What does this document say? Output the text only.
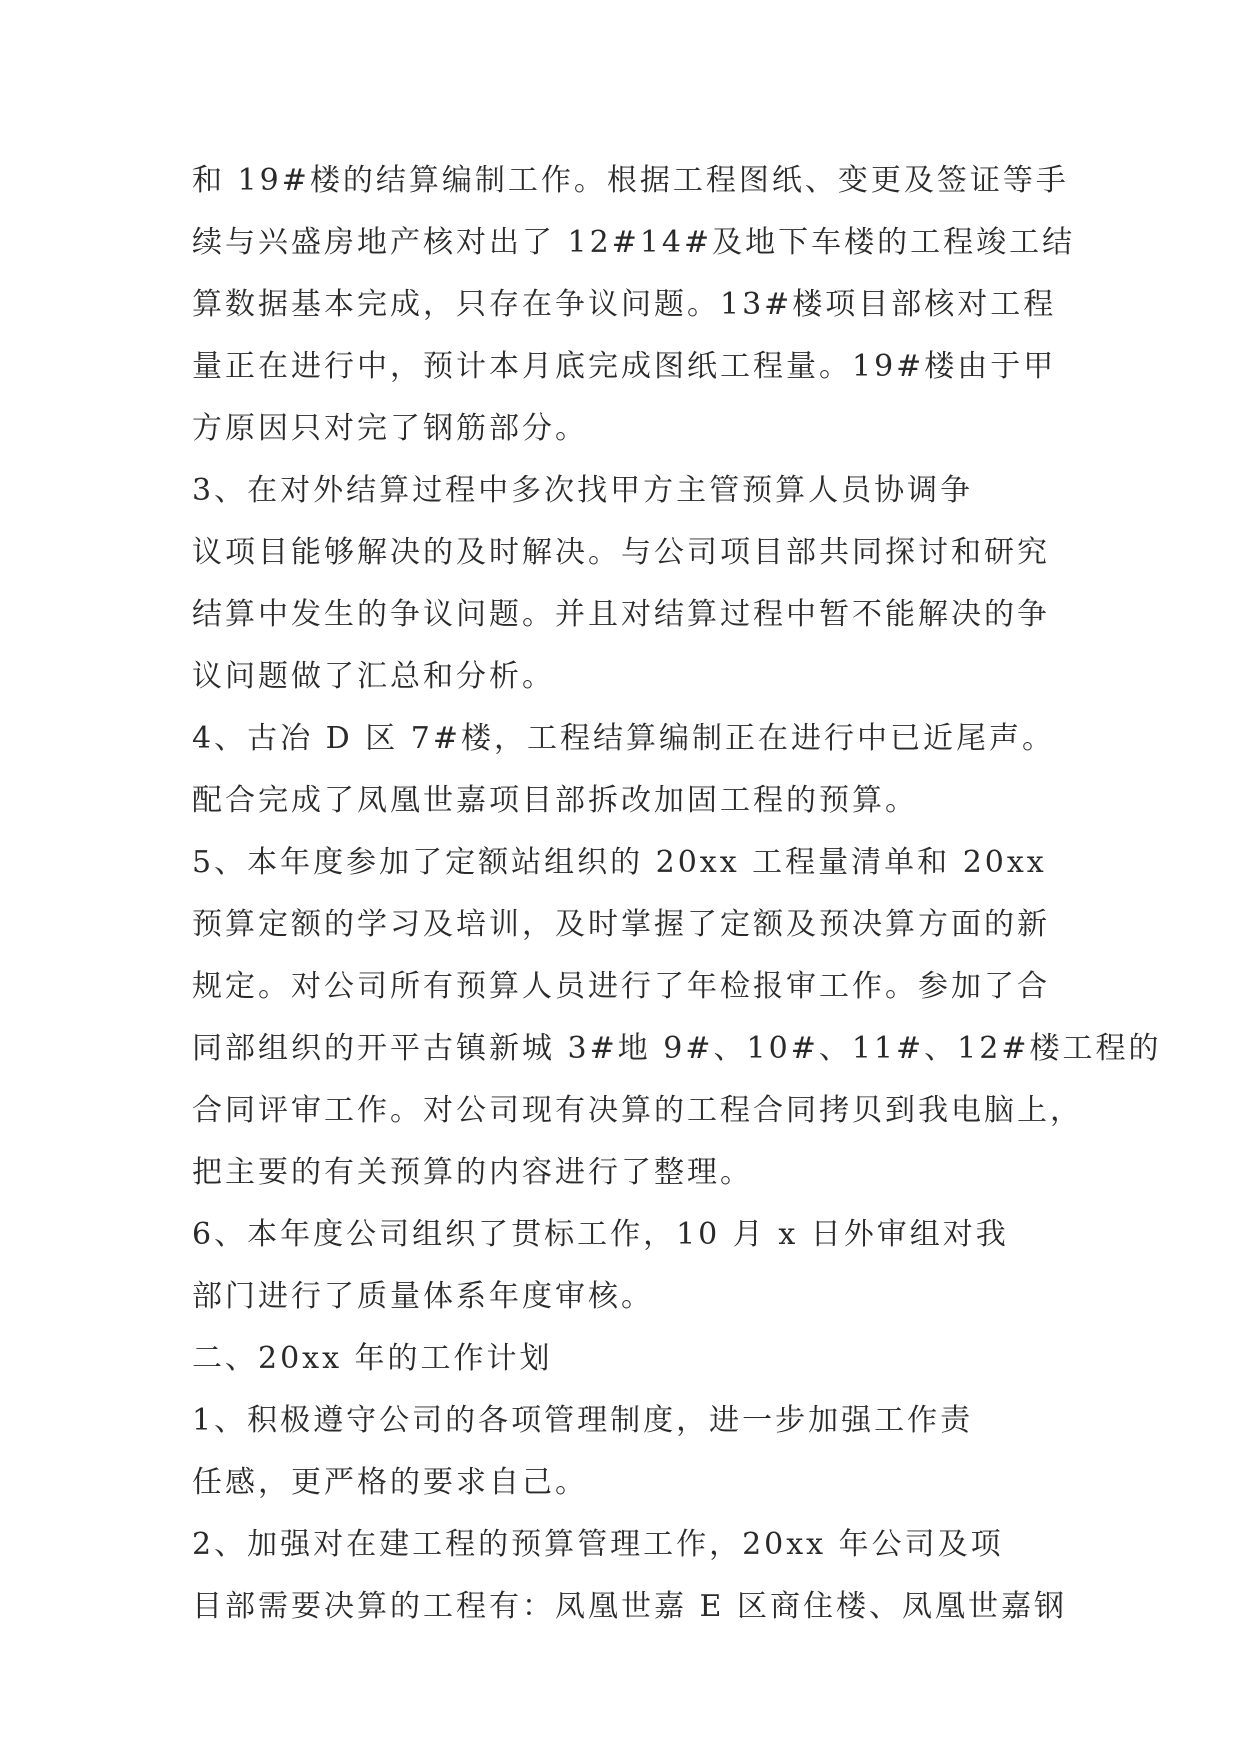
和 19#楼的结算编制工作。根据工程图纸、变更及签证等手

续与兴盛房地产核对出了 12#14#及地下车楼的工程竣工结

算数据基本完成，只存在争议问题。13#楼项目部核对工程

量正在进行中，预计本月底完成图纸工程量。19#楼由于甲

方原因只对完了钢筋部分。

3、在对外结算过程中多次找甲方主管预算人员协调争

议项目能够解决的及时解决。与公司项目部共同探讨和研究

结算中发生的争议问题。并且对结算过程中暂不能解决的争

议问题做了汇总和分析。

4、古冶 D 区 7#楼，工程结算编制正在进行中已近尾声。

配合完成了凤凰世嘉项目部拆改加固工程的预算。

5、本年度参加了定额站组织的 20xx 工程量清单和 20xx

预算定额的学习及培训，及时掌握了定额及预决算方面的新

规定。对公司所有预算人员进行了年检报审工作。参加了合

同部组织的开平古镇新城 3#地 9#、10#、11#、12#楼工程的

合同评审工作。对公司现有决算的工程合同拷贝到我电脑上，

把主要的有关预算的内容进行了整理。

6、本年度公司组织了贯标工作，10 月 x 日外审组对我

部门进行了质量体系年度审核。

二、20xx 年的工作计划

1、积极遵守公司的各项管理制度，进一步加强工作责

任感，更严格的要求自己。

2、加强对在建工程的预算管理工作，20xx 年公司及项

目部需要决算的工程有：凤凰世嘉 E 区商住楼、凤凰世嘉钢
